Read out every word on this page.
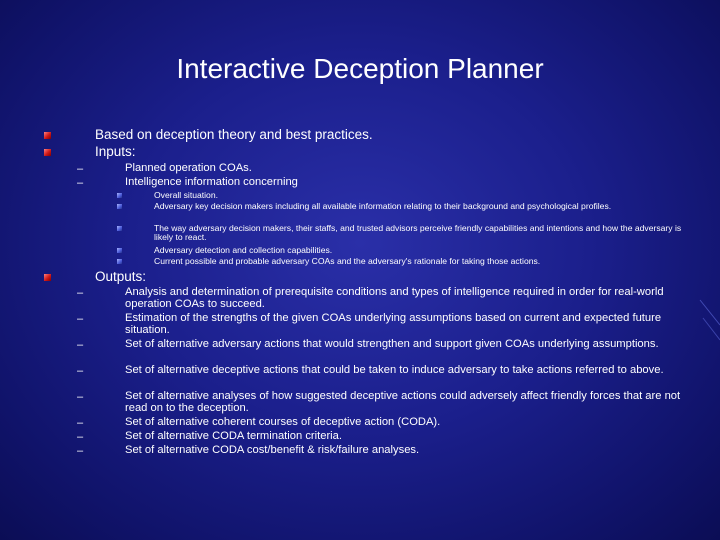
Interactive Deception Planner
Based on deception theory and best practices.
Inputs:
–	Planned operation COAs.
–	Intelligence information concerning
Overall situation.
Adversary key decision makers including all available information relating to their background and psychological profiles.
The way adversary decision makers, their staffs, and trusted advisors perceive friendly capabilities and intentions and how the adversary is likely to react.
Adversary detection and collection capabilities.
Current possible and probable adversary COAs and the adversary's rationale for taking those actions.
Outputs:
–	Analysis and determination of prerequisite conditions and types of intelligence required in order for real-world operation COAs to succeed.
–	Estimation of the strengths of the given COAs underlying assumptions based on current and expected future situation.
–	Set of alternative adversary actions that would strengthen and support given COAs underlying assumptions.
–	Set of alternative deceptive actions that could be taken to induce adversary to take actions referred to above.
–	Set of alternative analyses of how suggested deceptive actions could adversely affect friendly forces that are not read on to the deception.
–	Set of alternative coherent courses of deceptive action (CODA).
–	Set of alternative CODA termination criteria.
–	Set of alternative CODA cost/benefit & risk/failure analyses.
